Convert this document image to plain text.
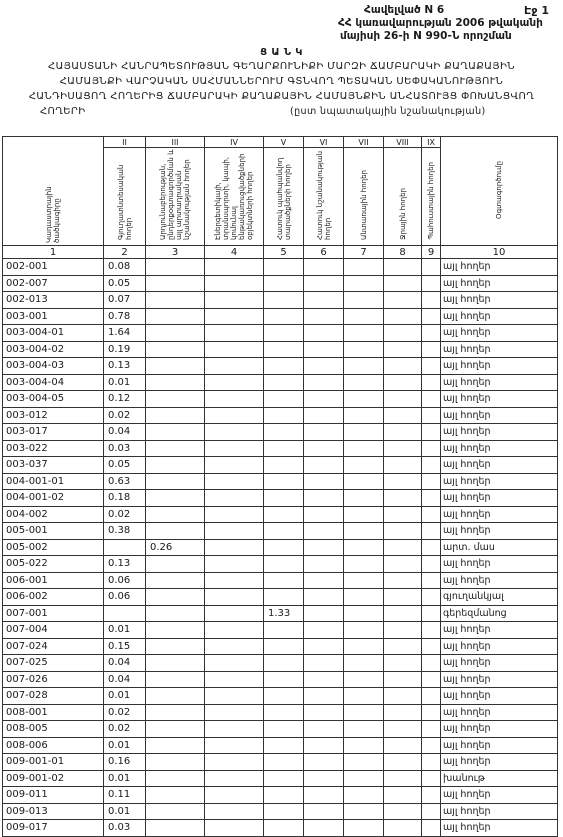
Էջ 1
Հավելված N 6
ՀՀ կառավարության 2006 թվականի
մայիսի 26-ի N 990-Ն որոշման
Ց Ա Ն Կ
ՀԱՅԱՍՏԱՆԻ ՀԱՆՐԱՊԵՏՈՒԹՅԱՆ ԳԵՂԱՐՔՈՒՆԻՔԻ ՄԱՐԶԻ ՃԱՄԲԱՐԱԿԻ ՔԱՂԱՔԱՅԻՆ
ՀԱՄԱՅՆՔԻ ՎԱՐՉԱԿԱՆ ՍԱՀՄԱՆՆԵՐՈՒՄ ԳՏՆՎՈՂ ՊԵՏԱԿԱՆ ՍԵՓԱԿԱՆՈՒԹՅՈՒՆ
ՀԱՆԴԻՍԱՑՈՂ ՀՈՂԵՐԻՑ ՃԱՄԲԱՐԱԿԻ ՔԱՂԱՔԱՅԻՆ ՀԱՄԱՅՆՔԻՆ ԱՆՀԱՏՈՒՅՑ ՓՈԽԱՆՑՎՈՂ
ՀՈՂԵՐԻ	(ըստ նպատակային նշանակության)
Կադաստրային ծածկագիրը	II	III	IV	V	VI	VII	VIII	IX	Օգտագործումը
	Գյուղատնտեսական հողեր	Արդյունաբերության, ընդերքօգտագործման և այլ արտադրական նշանակության հողեր	Էներգետիկայի, տրանսպորտի, կապի, կոմունալ ենթակառուցվածքների օբյեկտների հողեր	Հատուկ պահպանվող տարածքների հողեր	Հատուկ նշանակության հողեր	Անտառային հողեր	Ջրային հողեր	Պահուստային հողեր	
1	2	3	4	5	6	7	8	9	10
002-001	0.08								այլ հողեր
002-007	0.05								այլ հողեր
002-013	0.07								այլ հողեր
003-001	0.78								այլ հողեր
003-004-01	1.64								այլ հողեր
003-004-02	0.19								այլ հողեր
003-004-03	0.13								այլ հողեր
003-004-04	0.01								այլ հողեր
003-004-05	0.12								այլ հողեր
003-012	0.02								այլ հողեր
003-017	0.04								այլ հողեր
003-022	0.03								այլ հողեր
003-037	0.05								այլ հողեր
004-001-01	0.63								այլ հողեր
004-001-02	0.18								այլ հողեր
004-002	0.02								այլ հողեր
005-001	0.38								այլ հողեր
005-002		0.26							արտ. մաս
005-022	0.13								այլ հողեր
006-001	0.06								այլ հողեր
006-002	0.06								գյուղանկյալ
007-001				1.33					գերեզմանոց
007-004	0.01								այլ հողեր
007-024	0.15								այլ հողեր
007-025	0.04								այլ հողեր
007-026	0.04								այլ հողեր
007-028	0.01								այլ հողեր
008-001	0.02								այլ հողեր
008-005	0.02								այլ հողեր
008-006	0.01								այլ հողեր
009-001-01	0.16								այլ հողեր
009-001-02	0.01								խանութ
009-011	0.11								այլ հողեր
009-013	0.01								այլ հողեր
009-017	0.03								այլ հողեր
